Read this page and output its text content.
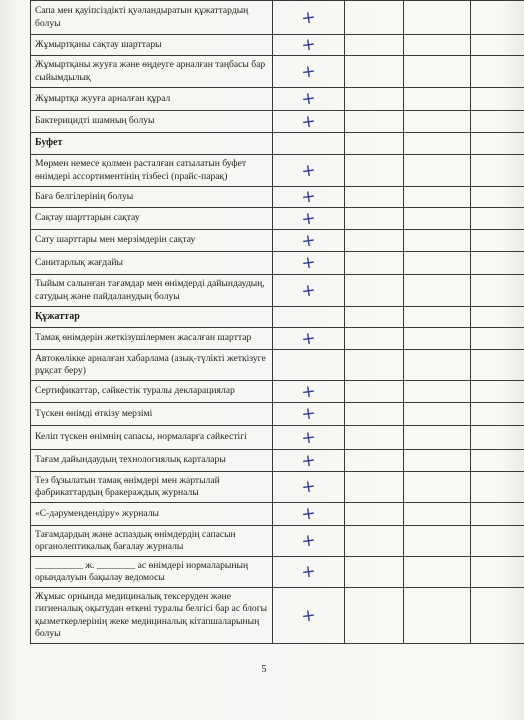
Сапа мен қауіпсіздікті қуәландыратын құжаттардың болуы	+			

Жұмыртқаны сақтау шарттары	+			

Жұмыртқаны жууға және өңдеуге арналған таңбасы бар сыйымдылық	+			

Жұмыртқа жууға арналған құрал	+			

Бактерицидті шамның болуы	+			

Буфет	

Мөрмен немесе қолмен расталған сатылатын буфет өнімдері ассортиментінің тізбесі (прайс-парақ)	+			

Баға белгілерінің болуы	+			

Сақтау шарттарын сақтау	+			

Сату шарттары мен мерзімдерін сақтау	+			

Санитарлық жағдайы	+			

Тыйым салынған тағамдар мен өнімдерді дайындаудың, сатудың және пайдаланудың болуы	+			

Құжаттар	

Тамақ өнімдерін жеткізушілермен жасалған шарттар	+			

Автокөлікке арналған хабарлама (азық-түлікті жеткізуге рұқсат беру)	

Сертификаттар, сәйкестік туралы декларациялар	+			

Түскен өнімді өткізу мерзімі	+			

Келіп түскен өнімнің сапасы, нормаларға сәйкестігі	+			

Тағам дайындаудың технологиялық карталары	+			

Тез бұзылатын тамақ өнімдері мен жартылай фабрикаттардың бракераждық журналы	+			

«С-дәрумендендіру» журналы	+			

Тағамдардың және аспаздық өнімдердің сапасын органолептикалық бағалау журналы	+			

__________ ж. ________ ас өнімдері нормаларының орындалуын бақылау ведомосы	+			

Жұмыс орнында медициналық тексеруден және гигиеналық оқытудан өткені туралы белгісі бар ас блогы қызметкерлерінің жеке медициналық кітапшаларының болуы	+			

5
